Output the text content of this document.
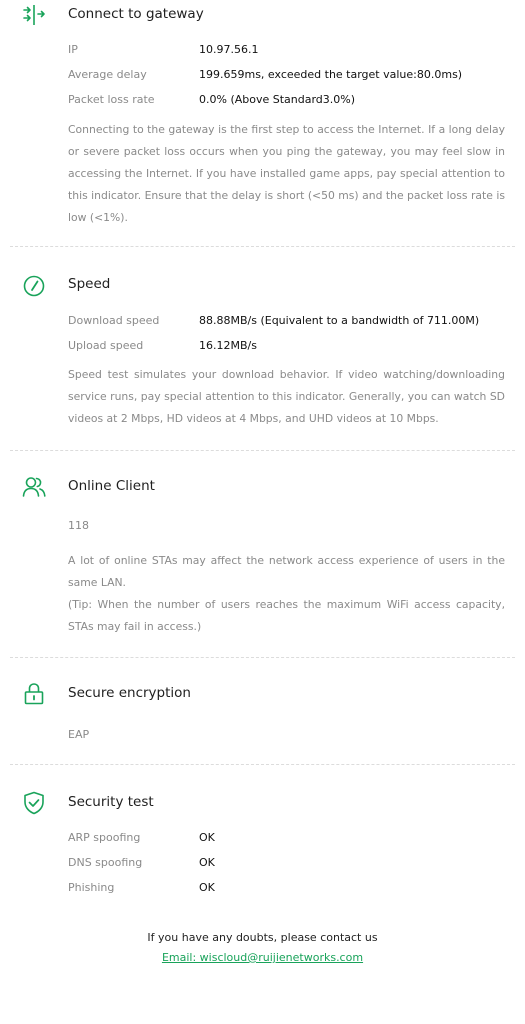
Connect to gateway
IP	10.97.56.1
Average delay	199.659ms, exceeded the target value:80.0ms)
Packet loss rate	0.0% (Above Standard3.0%)
Connecting to the gateway is the first step to access the Internet. If a long delay or severe packet loss occurs when you ping the gateway, you may feel slow in accessing the Internet. If you have installed game apps, pay special attention to this indicator. Ensure that the delay is short (<50 ms) and the packet loss rate is low (<1%).
Speed
Download speed	88.88MB/s (Equivalent to a bandwidth of 711.00M)
Upload speed	16.12MB/s
Speed test simulates your download behavior. If video watching/downloading service runs, pay special attention to this indicator. Generally, you can watch SD videos at 2 Mbps, HD videos at 4 Mbps, and UHD videos at 10 Mbps.
Online Client
118
A lot of online STAs may affect the network access experience of users in the same LAN.
(Tip: When the number of users reaches the maximum WiFi access capacity, STAs may fail in access.)
Secure encryption
EAP
Security test
ARP spoofing	OK
DNS spoofing	OK
Phishing	OK
If you have any doubts, please contact us
Email: wiscloud@ruijienetworks.com
